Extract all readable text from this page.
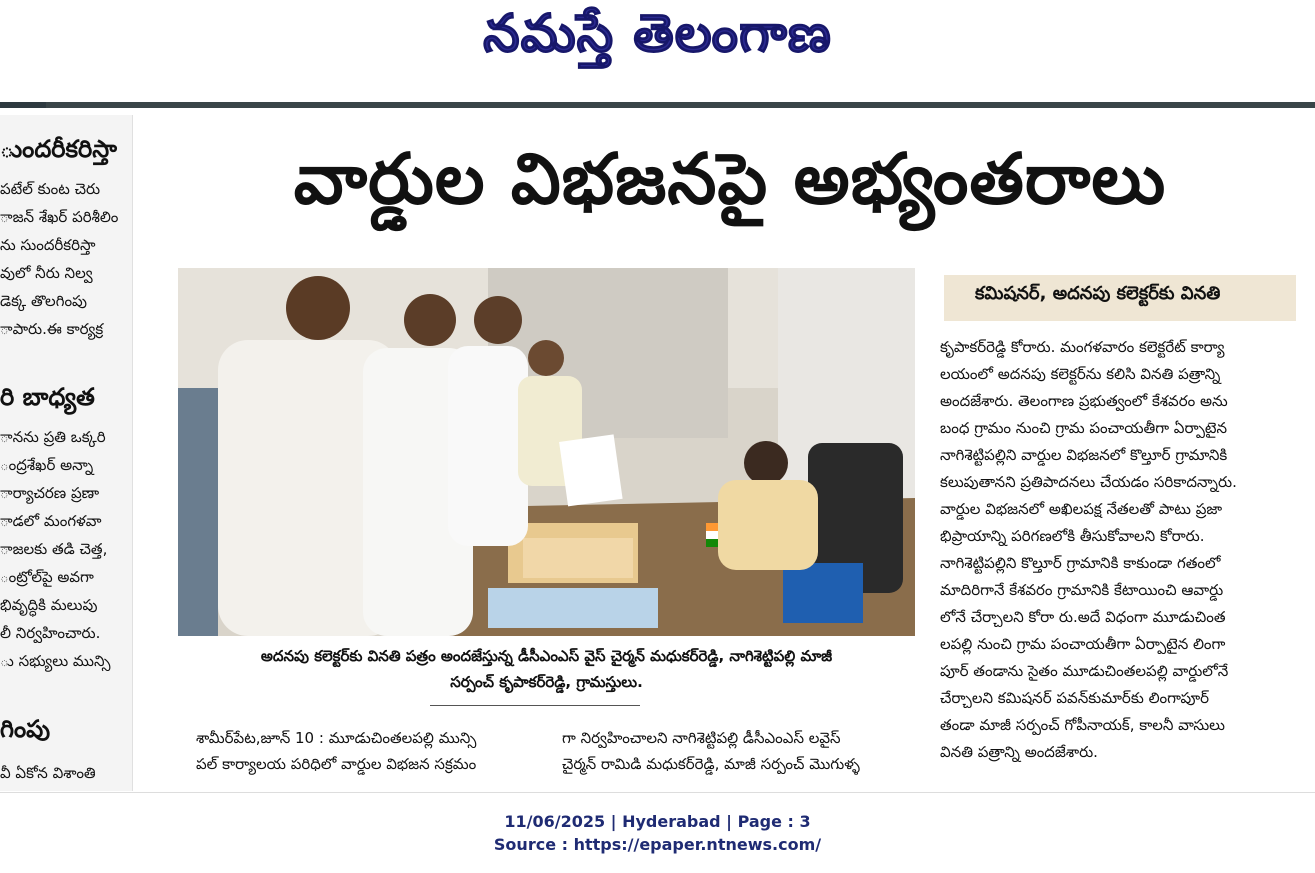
నమస్తే తెలంగాణ
ుందరీకరిస్తా
పటేల్ కుంట చెరు
ాజన్ శేఖర్ పరిశీలిం
ను సుందరీకరిస్తా
వులో నీరు నిల్వ
డెక్క తొలగింపు
ాపారు.ఈ కార్యక్ర
రి బాధ్యత
ానను ప్రతి ఒక్కరి
ంద్రశేఖర్ అన్నా
ార్యాచరణ ప్రణా
ాడలో మంగళవా
ాజలకు తడి చెత్త,
ంట్రోల్‌పై అవగా
భివృద్ధికి మలుపు
లీ నిర్వహించారు.
ు సభ్యులు మున్సి
గింపు
వీ ఏకోన విశాంతి
వార్డుల విభజనపై అభ్యంతరాలు
అదనపు కలెక్టర్‌కు వినతి పత్రం అందజేస్తున్న డీసీఎంఎస్ వైస్ చైర్మన్ మధుకర్‌రెడ్డి, నాగిశెట్టిపల్లి మాజీ
సర్పంచ్ కృపాకర్‌రెడ్డి, గ్రామస్తులు.
శామీర్‌పేట,జూన్ 10 : మూడుచింతలపల్లి మున్సి
పల్ కార్యాలయ పరిధిలో వార్డుల విభజన సక్రమం
గా నిర్వహించాలని నాగిశెట్టిపల్లి డీసీఎంఎస్ లవైస్
చైర్మన్ రామిడి మధుకర్‌రెడ్డి, మాజీ సర్పంచ్ మొగుళ్ళ
కమిషనర్, అదనపు కలెక్టర్‌కు వినతి

కృపాకర్‌రెడ్డి కోరారు. మంగళవారం కలెక్టరేట్ కార్యా

లయంలో అదనపు కలెక్టర్‌ను కలిసి వినతి పత్రాన్ని

అందజేశారు. తెలంగాణ ప్రభుత్వంలో కేశవరం అను

బంధ గ్రామం నుంచి గ్రామ పంచాయతీగా ఏర్పాటైన

నాగిశెట్టిపల్లిని వార్డుల విభజనలో కొల్తూర్ గ్రామానికి

కలుపుతానని ప్రతిపాదనలు చేయడం సరికాదన్నారు.

వార్డుల విభజనలో అఖిలపక్ష నేతలతో పాటు ప్రజా

భిప్రాయాన్ని పరిగణలోకి తీసుకోవాలని కోరారు.

నాగిశెట్టిపల్లిని కొల్తూర్ గ్రామానికి కాకుండా గతంలో

మాదిరిగానే కేశవరం గ్రామానికి కేటాయించి ఆవార్డు

లోనే చేర్చాలని కోరా రు.అదే విధంగా మూడుచింత

లపల్లి నుంచి గ్రామ పంచాయతీగా ఏర్పాటైన లింగా

పూర్ తండాను సైతం మూడుచింతలపల్లి వార్డులోనే

చేర్చాలని కమిషనర్ పవన్‌కుమార్‌కు లింగాపూర్

తండా మాజీ సర్పంచ్ గోపీనాయక్, కాలనీ వాసులు

వినతి పత్రాన్ని అందజేశారు.

11/06/2025 | Hyderabad | Page : 3
Source : https://epaper.ntnews.com/
